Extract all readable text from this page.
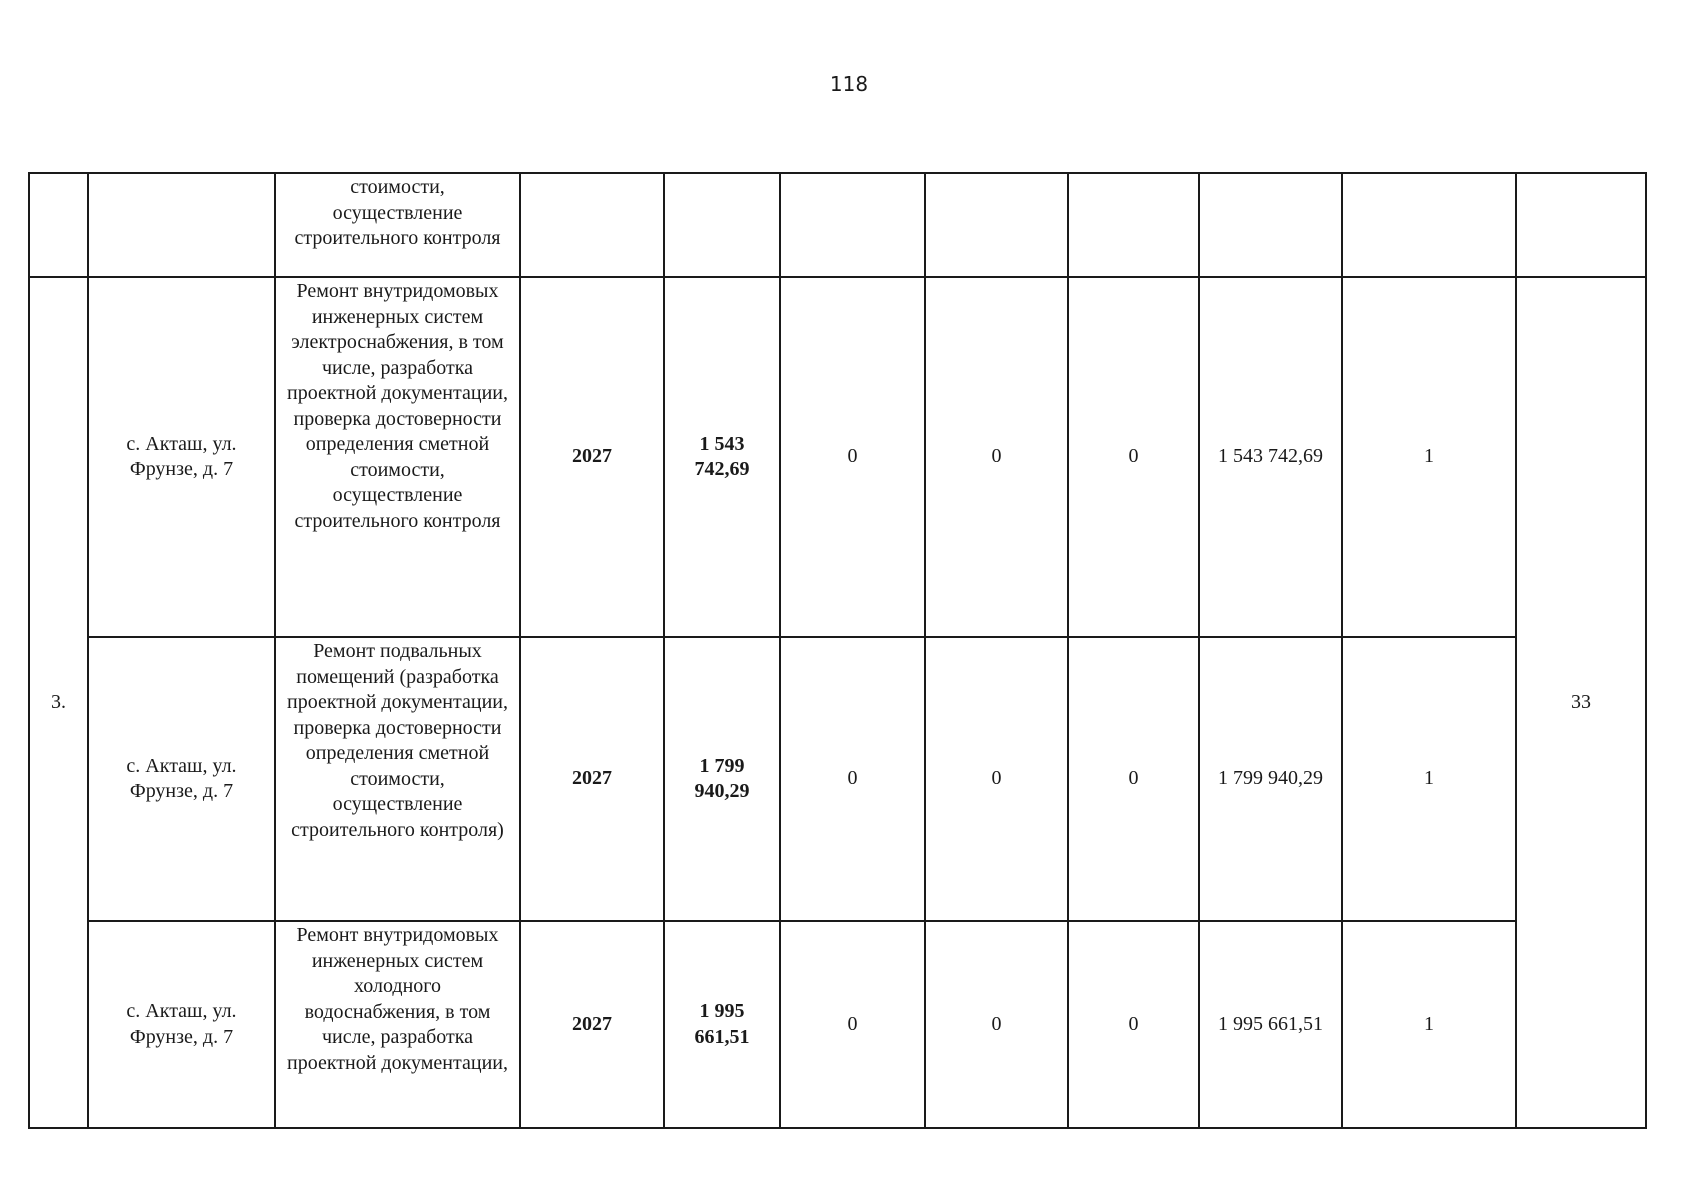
118
		стоимости, осуществление строительного контроля								
3.	с. Акташ, ул. Фрунзе, д. 7	Ремонт внутридомовых инженерных систем электроснабжения, в том числе, разработка проектной документации, проверка достоверности определения сметной стоимости, осуществление строительного контроля	2027	1 543 742,69	0	0	0	1 543 742,69	1	33
	с. Акташ, ул. Фрунзе, д. 7	Ремонт подвальных помещений (разработка проектной документации, проверка достоверности определения сметной стоимости, осуществление строительного контроля)	2027	1 799 940,29	0	0	0	1 799 940,29	1	
	с. Акташ, ул. Фрунзе, д. 7	Ремонт внутридомовых инженерных систем холодного водоснабжения, в том числе, разработка проектной документации,	2027	1 995 661,51	0	0	0	1 995 661,51	1	
